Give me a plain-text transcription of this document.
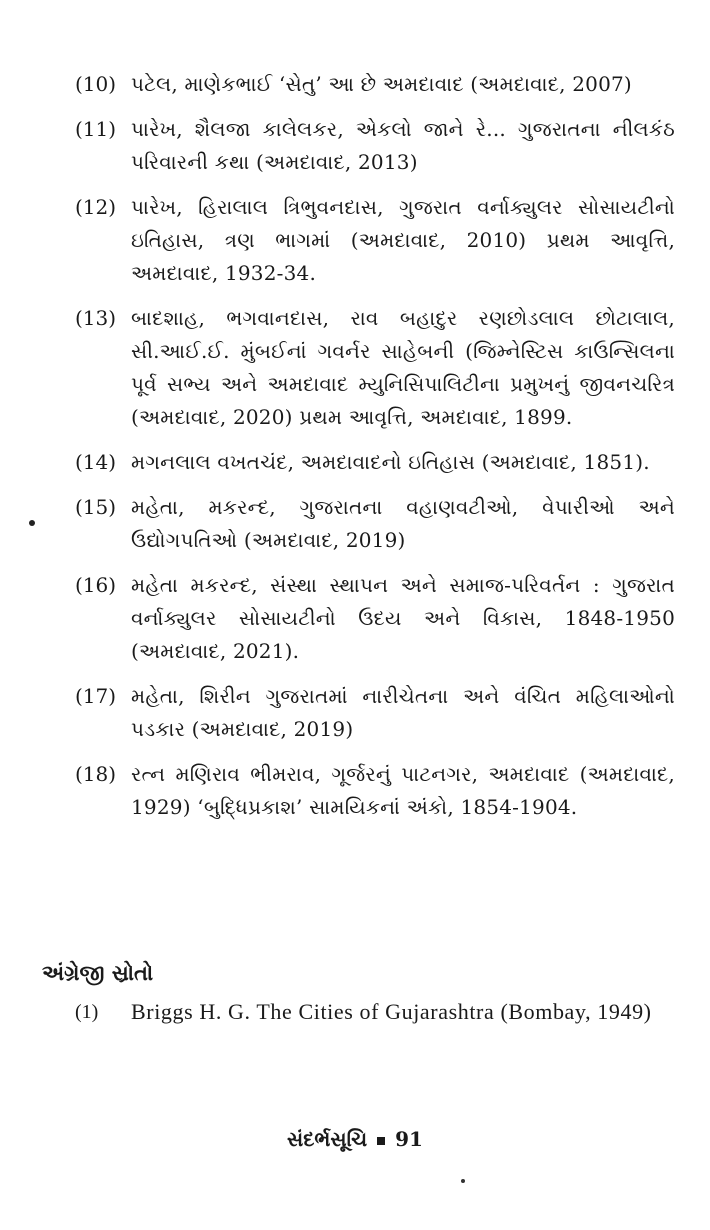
(10) પટેલ, માણેકભાઈ ‘સેતુ’ આ છે અમદાવાદ (અમદાવાદ, 2007)
(11) પારેખ, શૈલજા કાલેલકર, એકલો જાને રે... ગુજરાતના નીલકંઠ પરિવારની કથા (અમદાવાદ, 2013)
(12) પારેખ, હિરાલાલ ત્રિભુવનદાસ, ગુજરાત વર્નાક્યુલર સોસાયટીનો ઇતિહાસ, ત્રણ ભાગમાં (અમદાવાદ, 2010) પ્રથમ આવૃત્તિ, અમદાવાદ, 1932-34.
(13) બાદશાહ, ભગવાનદાસ, રાવ બહાદુર રણછોડલાલ છોટાલાલ, સી.આઈ.ઈ. મુંબઈનાં ગવર્નર સાહેબની (જિમ્નેસ્ટિસ કાઉન્સિલના પૂર્વ સભ્ય અને અમદાવાદ મ્યુનિસિપાલિટીના પ્રમુખનું જીવનચરિત્ર (અમદાવાદ, 2020) પ્રથમ આવૃત્તિ, અમદાવાદ, 1899.
(14) મગનલાલ વખતચંદ, અમદાવાદનો ઇતિહાસ (અમદાવાદ, 1851).
(15) મહેતા, મકરન્દ, ગુજરાતના વહાણવટીઓ, વેપારીઓ અને ઉદ્યોગપતિઓ (અમદાવાદ, 2019)
(16) મહેતા મકરન્દ, સંસ્થા સ્થાપન અને સમાજ-પરિવર્તન : ગુજરાત વર્નાક્યુલર સોસાયટીનો ઉદય અને વિકાસ, 1848-1950 (અમદાવાદ, 2021).
(17) મહેતા, શિરીન ગુજરાતમાં નારીચેતના અને વંચિત મહિલાઓનો પડકાર (અમદાવાદ, 2019)
(18) રત્ન મણિરાવ ભીમરાવ, ગૂર્જરનું પાટનગર, અમદાવાદ (અમદાવાદ, 1929) ‘બુદ્ધિપ્રકાશ’ સામયિકનાં અંકો, 1854-1904.
અંગ્રેજી સ્રોતો
(1)	Briggs H. G. The Cities of Gujarashtra (Bombay, 1949)
સંદર્ભસૂચિ 91
